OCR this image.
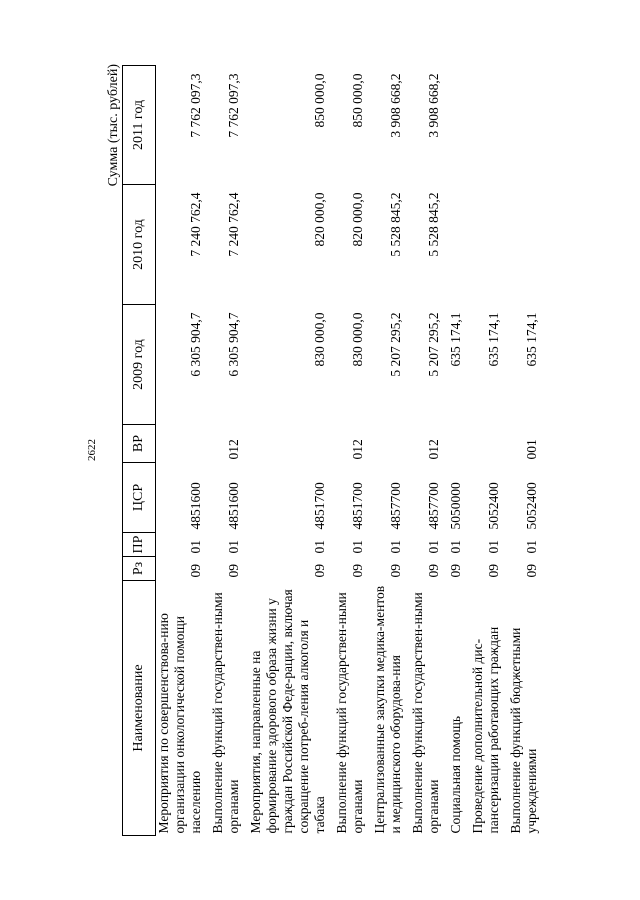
2622
Сумма (тыс. рублей)
Наименование	Рз	ПР	ЦСР	ВР	2009 год	2010 год	2011 год
Мероприятия по совершенствова-нию организации онкологической помощи населению	09	01	4851600		6 305 904,7	7 240 762,4	7 762 097,3
Выполнение функций государствен-ными органами	09	01	4851600	012	6 305 904,7	7 240 762,4	7 762 097,3
Мероприятия, направленные на формирование здорового образа жизни у граждан Российской Феде-рации, включая сокращение потреб-ления алкоголя и табака	09	01	4851700		830 000,0	820 000,0	850 000,0
Выполнение функций государствен-ными органами	09	01	4851700	012	830 000,0	820 000,0	850 000,0
Централизованные закупки медика-ментов и медицинского оборудова-ния	09	01	4857700		5 207 295,2	5 528 845,2	3 908 668,2
Выполнение функций государствен-ными органами	09	01	4857700	012	5 207 295,2	5 528 845,2	3 908 668,2
Социальная помощь	09	01	5050000		635 174,1		
Проведение дополнительной дис-пансеризации работающих граждан	09	01	5052400		635 174,1		
Выполнение функций бюджетными учреждениями	09	01	5052400	001	635 174,1		
